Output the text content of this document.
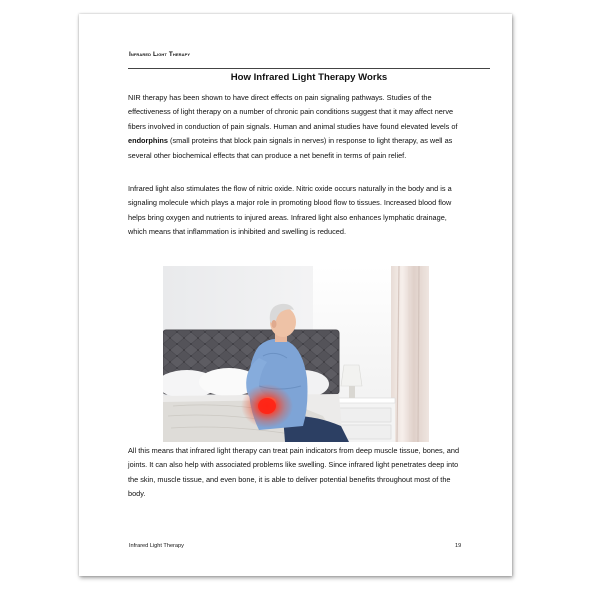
Infrared Light Therapy
How Infrared Light Therapy Works

NIR therapy has been shown to have direct effects on pain signaling pathways. Studies of the effectiveness of light therapy on a number of chronic pain conditions suggest that it may affect nerve fibers involved in conduction of pain signals. Human and animal studies have found elevated levels of endorphins (small proteins that block pain signals in nerves) in response to light therapy, as well as several other biochemical effects that can produce a net benefit in terms of pain relief.

Infrared light also stimulates the flow of nitric oxide. Nitric oxide occurs naturally in the body and is a signaling molecule which plays a major role in promoting blood flow to tissues. Increased blood flow helps bring oxygen and nutrients to injured areas. Infrared light also enhances lymphatic drainage, which means that inflammation is inhibited and swelling is reduced.

All this means that infrared light therapy can treat pain indicators from deep muscle tissue, bones, and joints. It can also help with associated problems like swelling. Since infrared light penetrates deep into the skin, muscle tissue, and even bone, it is able to deliver potential benefits throughout most of the body.

Infrared Light Therapy	19
